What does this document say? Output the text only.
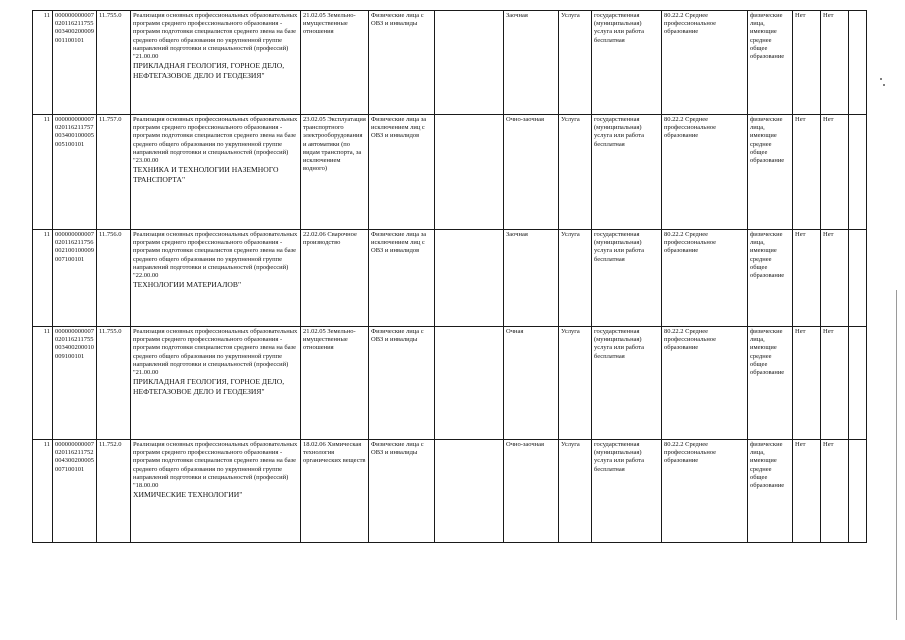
11	000000000007020116211755003400200009001100101	11.755.0	Реализация основных профессиональных образовательных программ среднего профессионального образования - программ подготовки специалистов среднего звена на базе среднего общего образования по укрупненной группе направлений подготовки и специальностей (профессий) "21.00.00
ПРИКЛАДНАЯ ГЕОЛОГИЯ, ГОРНОЕ ДЕЛО, НЕФТЕГАЗОВОЕ ДЕЛО И ГЕОДЕЗИЯ"	21.02.05 Земельно-имущественные отношения	Физические лица с ОВЗ и инвалиды		Заочная	Услуга	государственная (муниципальная) услуга или работа бесплатная	80.22.2 Среднее профессиональное образование	физические лица, имеющие среднее общее образование	Нет	Нет	
11	000000000007020116211757003400100005005100101	11.757.0	Реализация основных профессиональных образовательных программ среднего профессионального образования - программ подготовки специалистов среднего звена на базе среднего общего образования по укрупненной группе направлений подготовки и специальностей (профессий) "23.00.00
ТЕХНИКА И ТЕХНОЛОГИИ НАЗЕМНОГО ТРАНСПОРТА"	23.02.05 Эксплуатация транспортного электрооборудования и автоматики (по видам транспорта, за исключением водного)	Физические лица за исключением лиц с ОВЗ и инвалидов		Очно-заочная	Услуга	государственная (муниципальная) услуга или работа бесплатная	80.22.2 Среднее профессиональное образование	физические лица, имеющие среднее общее образование	Нет	Нет	
11	000000000007020116211756002100100009007100101	11.756.0	Реализация основных профессиональных образовательных программ среднего профессионального образования - программ подготовки специалистов среднего звена на базе среднего общего образования по укрупненной группе направлений подготовки и специальностей (профессий) "22.00.00
ТЕХНОЛОГИИ МАТЕРИАЛОВ"	22.02.06 Сварочное производство	Физические лица за исключением лиц с ОВЗ и инвалидов		Заочная	Услуга	государственная (муниципальная) услуга или работа бесплатная	80.22.2 Среднее профессиональное образование	физические лица, имеющие среднее общее образование	Нет	Нет	
11	000000000007020116211755003400200010009100101	11.755.0	Реализация основных профессиональных образовательных программ среднего профессионального образования - программ подготовки специалистов среднего звена на базе среднего общего образования по укрупненной группе направлений подготовки и специальностей (профессий) "21.00.00
ПРИКЛАДНАЯ ГЕОЛОГИЯ, ГОРНОЕ ДЕЛО, НЕФТЕГАЗОВОЕ ДЕЛО И ГЕОДЕЗИЯ"	21.02.05 Земельно-имущественные отношения	Физические лица с ОВЗ и инвалиды		Очная	Услуга	государственная (муниципальная) услуга или работа бесплатная	80.22.2 Среднее профессиональное образование	физические лица, имеющие среднее общее образование	Нет	Нет	
11	000000000007020116211752004300200005007100101	11.752.0	Реализация основных профессиональных образовательных программ среднего профессионального образования - программ подготовки специалистов среднего звена на базе среднего общего образования по укрупненной группе направлений подготовки и специальностей (профессий) "18.00.00
ХИМИЧЕСКИЕ ТЕХНОЛОГИИ"	18.02.06 Химическая технология органических веществ	Физические лица с ОВЗ и инвалиды		Очно-заочная	Услуга	государственная (муниципальная) услуга или работа бесплатная	80.22.2 Среднее профессиональное образование	физические лица, имеющие среднее общее образование	Нет	Нет	
